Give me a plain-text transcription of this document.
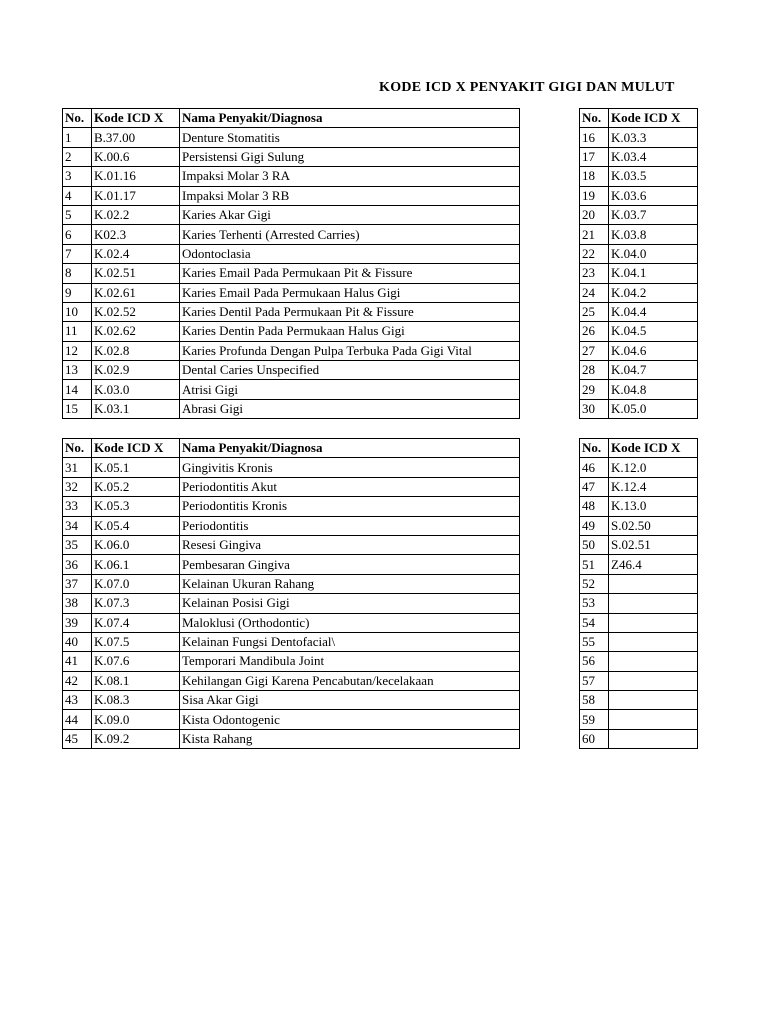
KODE ICD X PENYAKIT GIGI DAN MULUT
No.	Kode ICD X	Nama Penyakit/Diagnosa
1	B.37.00	Denture Stomatitis
2	K.00.6	Persistensi Gigi Sulung
3	K.01.16	Impaksi Molar 3 RA
4	K.01.17	Impaksi Molar 3 RB
5	K.02.2	Karies Akar Gigi
6	K02.3	Karies Terhenti (Arrested Carries)
7	K.02.4	Odontoclasia
8	K.02.51	Karies Email Pada Permukaan Pit & Fissure
9	K.02.61	Karies Email Pada Permukaan Halus Gigi
10	K.02.52	Karies Dentil Pada Permukaan Pit & Fissure
11	K.02.62	Karies Dentin Pada Permukaan Halus Gigi
12	K.02.8	Karies Profunda Dengan Pulpa Terbuka Pada Gigi Vital
13	K.02.9	Dental Caries Unspecified
14	K.03.0	Atrisi Gigi
15	K.03.1	Abrasi Gigi
No.	Kode ICD X
16	K.03.3
17	K.03.4
18	K.03.5
19	K.03.6
20	K.03.7
21	K.03.8
22	K.04.0
23	K.04.1
24	K.04.2
25	K.04.4
26	K.04.5
27	K.04.6
28	K.04.7
29	K.04.8
30	K.05.0
No.	Kode ICD X	Nama Penyakit/Diagnosa
31	K.05.1	Gingivitis Kronis
32	K.05.2	Periodontitis Akut
33	K.05.3	Periodontitis Kronis
34	K.05.4	Periodontitis
35	K.06.0	Resesi Gingiva
36	K.06.1	Pembesaran Gingiva
37	K.07.0	Kelainan Ukuran Rahang
38	K.07.3	Kelainan Posisi Gigi
39	K.07.4	Maloklusi (Orthodontic)
40	K.07.5	Kelainan Fungsi Dentofacial\
41	K.07.6	Temporari Mandibula Joint
42	K.08.1	Kehilangan Gigi Karena Pencabutan/kecelakaan
43	K.08.3	Sisa Akar Gigi
44	K.09.0	Kista Odontogenic
45	K.09.2	Kista Rahang
No.	Kode ICD X
46	K.12.0
47	K.12.4
48	K.13.0
49	S.02.50
50	S.02.51
51	Z46.4
52	
53	
54	
55	
56	
57	
58	
59	
60	
